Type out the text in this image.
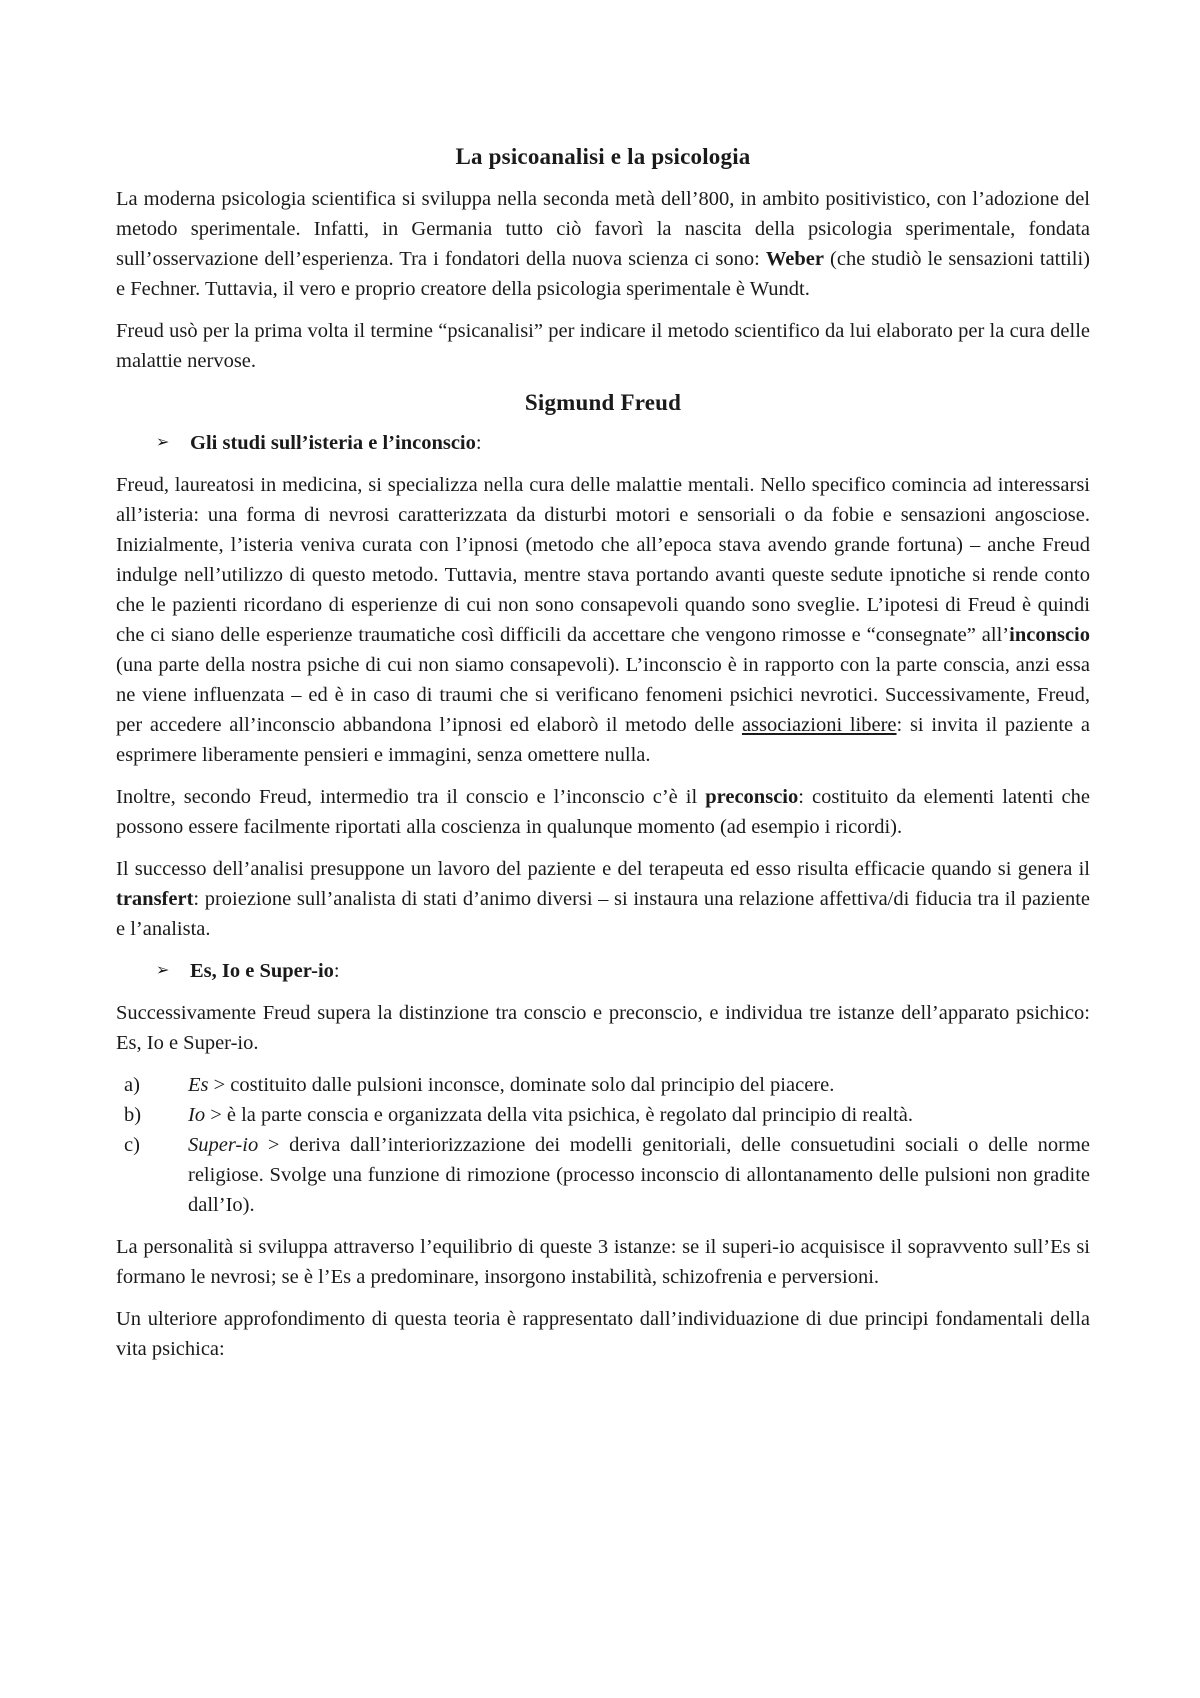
La psicoanalisi e la psicologia

La moderna psicologia scientifica si sviluppa nella seconda metà dell’800, in ambito positivistico, con l’adozione del metodo sperimentale. Infatti, in Germania tutto ciò favorì la nascita della psicologia sperimentale, fondata sull’osservazione dell’esperienza. Tra i fondatori della nuova scienza ci sono: Weber (che studiò le sensazioni tattili) e Fechner. Tuttavia, il vero e proprio creatore della psicologia sperimentale è Wundt.

Freud usò per la prima volta il termine “psicanalisi” per indicare il metodo scientifico da lui elaborato per la cura delle malattie nervose.

Sigmund Freud
➢	Gli studi sull’isteria e l’inconscio :

Freud, laureatosi in medicina, si specializza nella cura delle malattie mentali. Nello specifico comincia ad interessarsi all’isteria: una forma di nevrosi caratterizzata da disturbi motori e sensoriali o da fobie e sensazioni angosciose. Inizialmente, l’isteria veniva curata con l’ipnosi (metodo che all’epoca stava avendo grande fortuna) – anche Freud indulge nell’utilizzo di questo metodo. Tuttavia, mentre stava portando avanti queste sedute ipnotiche si rende conto che le pazienti ricordano di esperienze di cui non sono consapevoli quando sono sveglie. L’ipotesi di Freud è quindi che ci siano delle esperienze traumatiche così difficili da accettare che vengono rimosse e “consegnate” all’inconscio (una parte della nostra psiche di cui non siamo consapevoli). L’inconscio è in rapporto con la parte conscia, anzi essa ne viene influenzata – ed è in caso di traumi che si verificano fenomeni psichici nevrotici. Successivamente, Freud, per accedere all’inconscio abbandona l’ipnosi ed elaborò il metodo delle associazioni libere: si invita il paziente a esprimere liberamente pensieri e immagini, senza omettere nulla.

Inoltre, secondo Freud, intermedio tra il conscio e l’inconscio c’è il preconscio: costituito da elementi latenti che possono essere facilmente riportati alla coscienza in qualunque momento (ad esempio i ricordi).

Il successo dell’analisi presuppone un lavoro del paziente e del terapeuta ed esso risulta efficacie quando si genera il transfert: proiezione sull’analista di stati d’animo diversi – si instaura una relazione affettiva/di fiducia tra il paziente e l’analista.

➢	Es, Io e Super-io :

Successivamente Freud supera la distinzione tra conscio e preconscio, e individua tre istanze dell’apparato psichico: Es, Io e Super-io.

a)	Es > costituito dalle pulsioni inconsce, dominate solo dal principio del piacere.
b)	Io > è la parte conscia e organizzata della vita psichica, è regolato dal principio di realtà.
c)	Super-io > deriva dall’interiorizzazione dei modelli genitoriali, delle consuetudini sociali o delle norme religiose. Svolge una funzione di rimozione (processo inconscio di allontanamento delle pulsioni non gradite dall’Io).

La personalità si sviluppa attraverso l’equilibrio di queste 3 istanze: se il superi-io acquisisce il sopravvento sull’Es si formano le nevrosi; se è l’Es a predominare, insorgono instabilità, schizofrenia e perversioni.

Un ulteriore approfondimento di questa teoria è rappresentato dall’individuazione di due principi fondamentali della vita psichica:
